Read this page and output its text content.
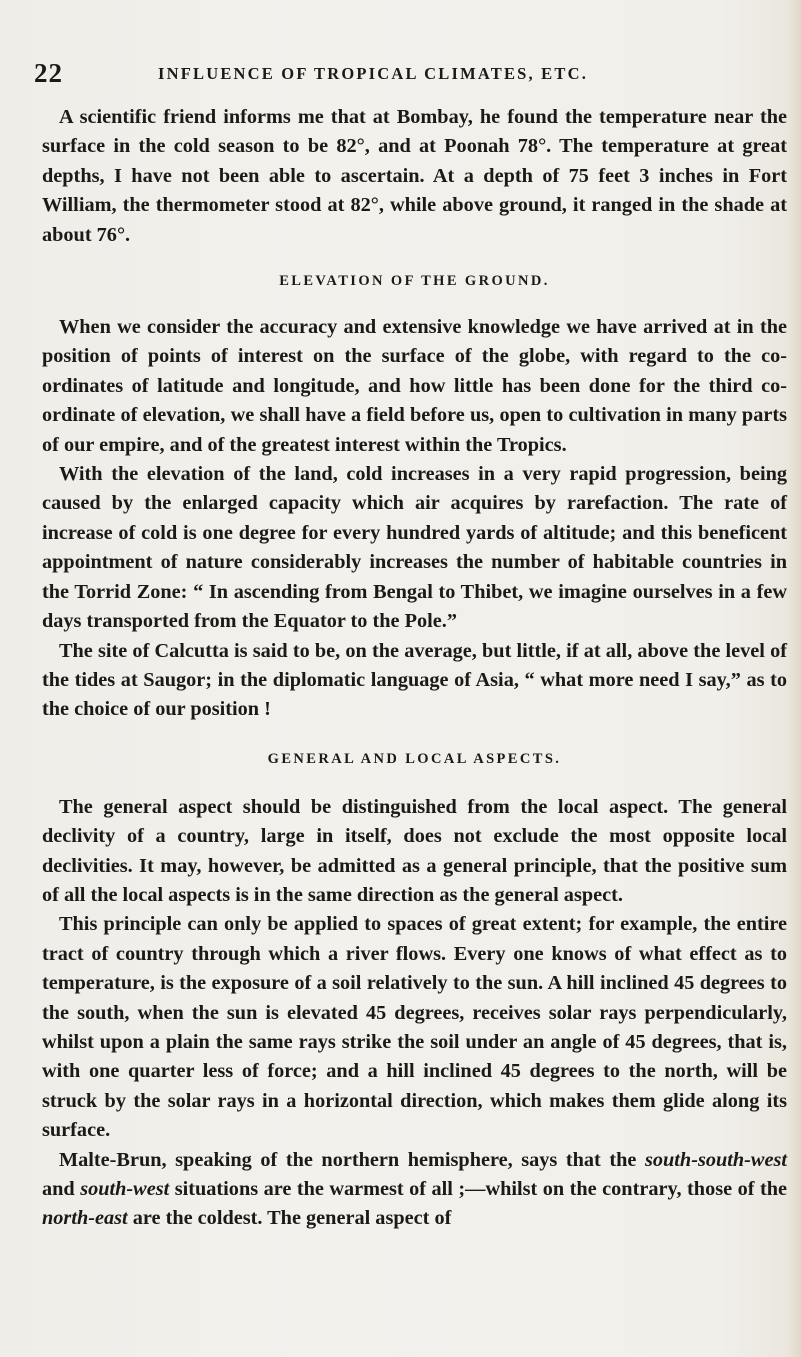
22	INFLUENCE OF TROPICAL CLIMATES, ETC.

A scientific friend informs me that at Bombay, he found the temperature near the surface in the cold season to be 82°, and at Poonah 78°. The temperature at great depths, I have not been able to ascertain. At a depth of 75 feet 3 inches in Fort William, the thermometer stood at 82°, while above ground, it ranged in the shade at about 76°.

ELEVATION OF THE GROUND.

When we consider the accuracy and extensive knowledge we have arrived at in the position of points of interest on the surface of the globe, with regard to the co-ordinates of latitude and longitude, and how little has been done for the third co-ordinate of elevation, we shall have a field before us, open to cultivation in many parts of our empire, and of the greatest interest within the Tropics.

With the elevation of the land, cold increases in a very rapid progression, being caused by the enlarged capacity which air acquires by rarefaction. The rate of increase of cold is one degree for every hundred yards of altitude; and this beneficent appointment of nature considerably increases the number of habitable countries in the Torrid Zone: “ In ascending from Bengal to Thibet, we imagine ourselves in a few days transported from the Equator to the Pole.”

The site of Calcutta is said to be, on the average, but little, if at all, above the level of the tides at Saugor; in the diplomatic language of Asia, “ what more need I say,” as to the choice of our position !

GENERAL AND LOCAL ASPECTS.

The general aspect should be distinguished from the local aspect. The general declivity of a country, large in itself, does not exclude the most opposite local declivities. It may, however, be admitted as a general principle, that the positive sum of all the local aspects is in the same direction as the general aspect.

This principle can only be applied to spaces of great extent; for example, the entire tract of country through which a river flows. Every one knows of what effect as to temperature, is the exposure of a soil relatively to the sun. A hill inclined 45 degrees to the south, when the sun is elevated 45 degrees, receives solar rays perpendicularly, whilst upon a plain the same rays strike the soil under an angle of 45 degrees, that is, with one quarter less of force; and a hill inclined 45 degrees to the north, will be struck by the solar rays in a horizontal direction, which makes them glide along its surface.

Malte-Brun, speaking of the northern hemisphere, says that the south-south-west and south-west situations are the warmest of all ;—whilst on the contrary, those of the north-east are the coldest. The general aspect of
